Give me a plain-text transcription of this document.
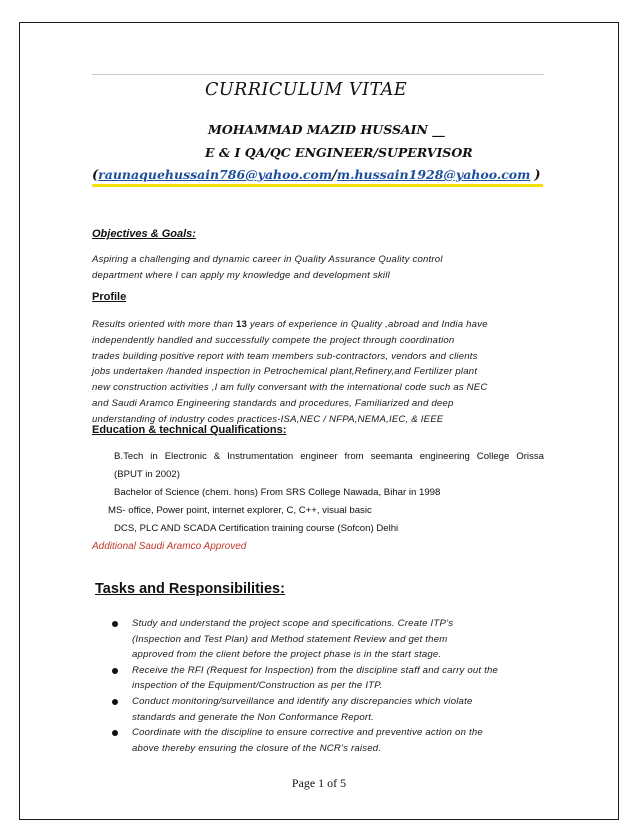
CURRICULUM VITAE
MOHAMMAD MAZID HUSSAIN __
E & I QA/QC ENGINEER/SUPERVISOR
(raunaquehussain786@yahoo.com/m.hussain1928@yahoo.com )
Objectives & Goals:
Aspiring a challenging and dynamic career in Quality Assurance Quality control
department where I can apply my knowledge and development skill
Profile
Results oriented with more than 13 years of experience in Quality ,abroad and India have
independently handled and successfully compete the project through coordination
trades building positive report with team members sub-contractors, vendors and clients
jobs undertaken /handed inspection in Petrochemical plant,Refinery,and Fertilizer plant
new construction activities ,I am fully conversant with the international code such as NEC
and Saudi Aramco Engineering standards and procedures, Familiarized and deep
understanding of industry codes practices-ISA,NEC / NFPA,NEMA,IEC, & IEEE
Education & technical Qualifications:
B.Tech in Electronic & Instrumentation engineer from seemanta engineering College Orissa
(BPUT in 2002)
Bachelor of Science (chem. hons) From SRS College Nawada, Bihar in 1998
MS- office, Power point, internet explorer, C, C++, visual basic
DCS, PLC AND SCADA Certification training course (Sofcon) Delhi
Additional Saudi Aramco Approved
Tasks and Responsibilities:
Study and understand the project scope and specifications. Create ITP’s
(Inspection and Test Plan) and Method statement Review and get them
approved from the client before the project phase is in the start stage.
Receive the RFI (Request for Inspection) from the discipline staff and carry out the
inspection of the Equipment/Construction as per the ITP.
Conduct monitoring/surveillance and identify any discrepancies which violate
standards and generate the Non Conformance Report.
Coordinate with the discipline to ensure corrective and preventive action on the
above thereby ensuring the closure of the NCR’s raised.
Page 1 of 5
